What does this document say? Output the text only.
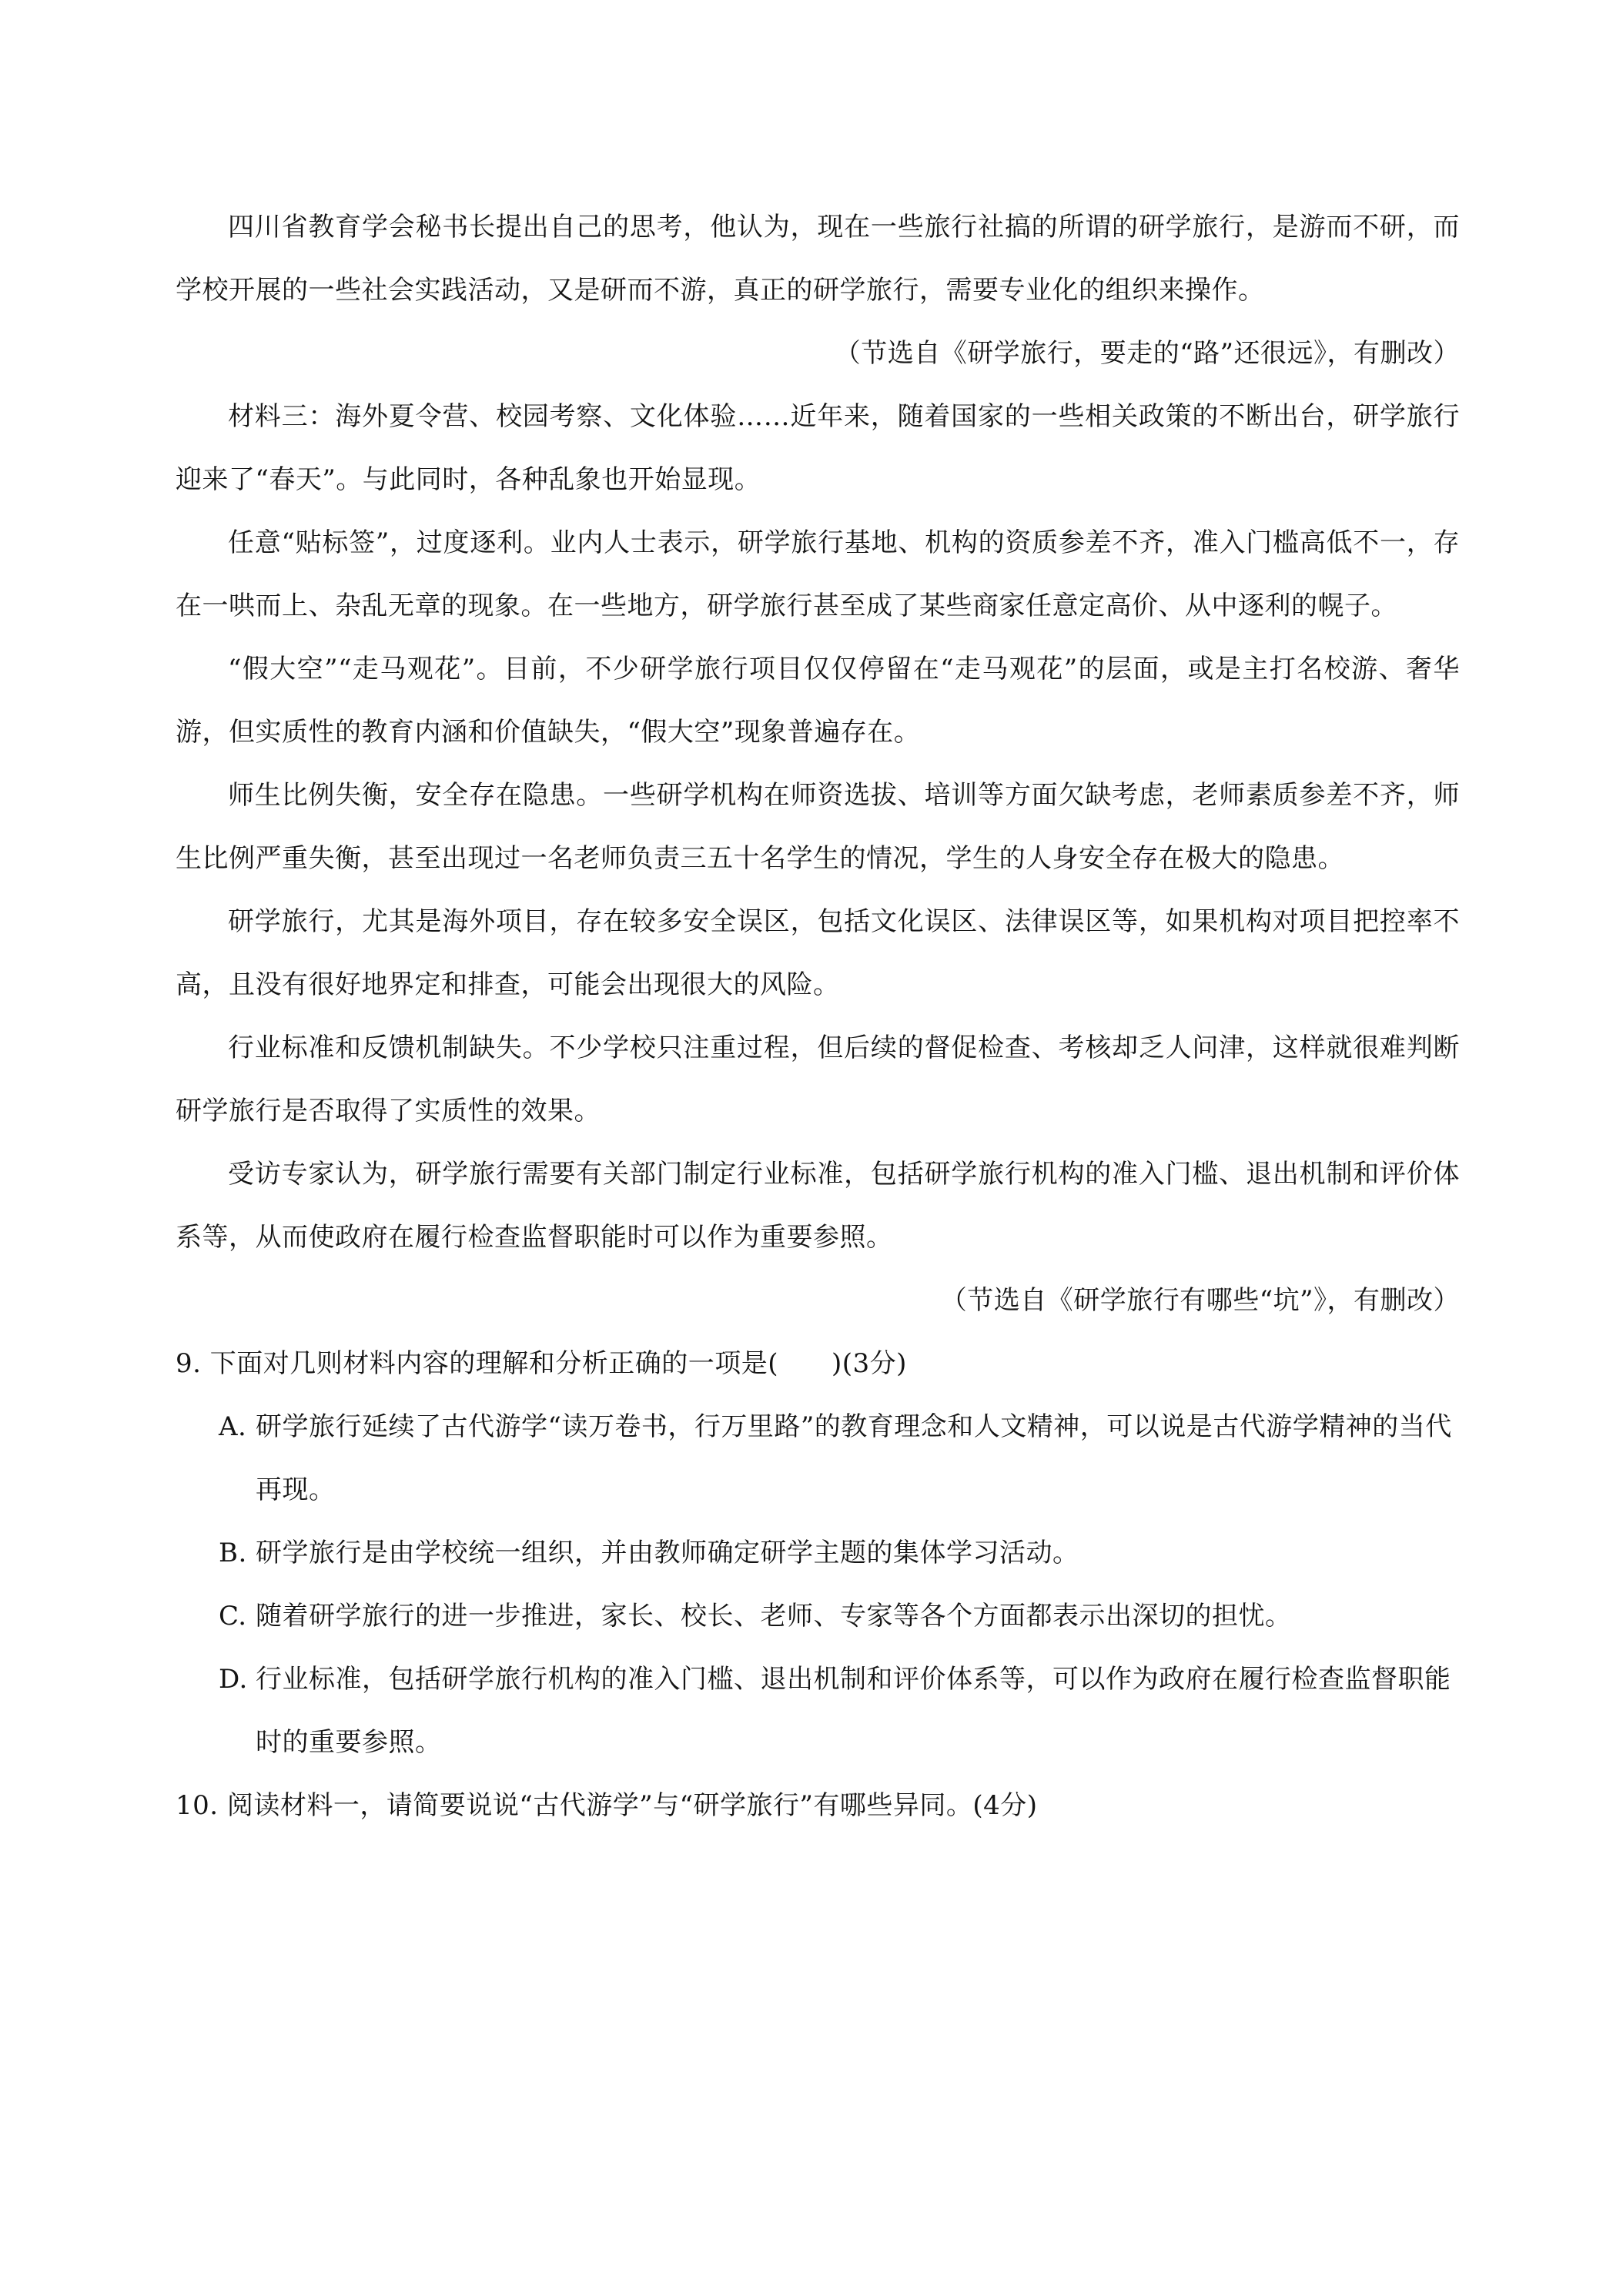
四川省教育学会秘书长提出自己的思考，他认为，现在一些旅行社搞的所谓的研学旅行，是游而不研，而学校开展的一些社会实践活动，又是研而不游，真正的研学旅行，需要专业化的组织来操作。

（节选自《研学旅行，要走的“路”还很远》，有删改）

材料三：海外夏令营、校园考察、文化体验……近年来，随着国家的一些相关政策的不断出台，研学旅行迎来了“春天”。与此同时，各种乱象也开始显现。

任意“贴标签”，过度逐利。业内人士表示，研学旅行基地、机构的资质参差不齐，准入门槛高低不一，存在一哄而上、杂乱无章的现象。在一些地方，研学旅行甚至成了某些商家任意定高价、从中逐利的幌子。

“假大空”“走马观花”。目前，不少研学旅行项目仅仅停留在“走马观花”的层面，或是主打名校游、奢华游，但实质性的教育内涵和价值缺失，“假大空”现象普遍存在。

师生比例失衡，安全存在隐患。一些研学机构在师资选拔、培训等方面欠缺考虑，老师素质参差不齐，师生比例严重失衡，甚至出现过一名老师负责三五十名学生的情况，学生的人身安全存在极大的隐患。

研学旅行，尤其是海外项目，存在较多安全误区，包括文化误区、法律误区等，如果机构对项目把控率不高，且没有很好地界定和排查，可能会出现很大的风险。

行业标准和反馈机制缺失。不少学校只注重过程，但后续的督促检查、考核却乏人问津，这样就很难判断研学旅行是否取得了实质性的效果。

受访专家认为，研学旅行需要有关部门制定行业标准，包括研学旅行机构的准入门槛、退出机制和评价体系等，从而使政府在履行检查监督职能时可以作为重要参照。

（节选自《研学旅行有哪些“坑”》，有删改）

9. 下面对几则材料内容的理解和分析正确的一项是(　　)(3分)

A. 研学旅行延续了古代游学“读万卷书，行万里路”的教育理念和人文精神，可以说是古代游学精神的当代再现。

B. 研学旅行是由学校统一组织，并由教师确定研学主题的集体学习活动。

C. 随着研学旅行的进一步推进，家长、校长、老师、专家等各个方面都表示出深切的担忧。

D. 行业标准，包括研学旅行机构的准入门槛、退出机制和评价体系等，可以作为政府在履行检查监督职能时的重要参照。

10. 阅读材料一，请简要说说“古代游学”与“研学旅行”有哪些异同。(4分)
